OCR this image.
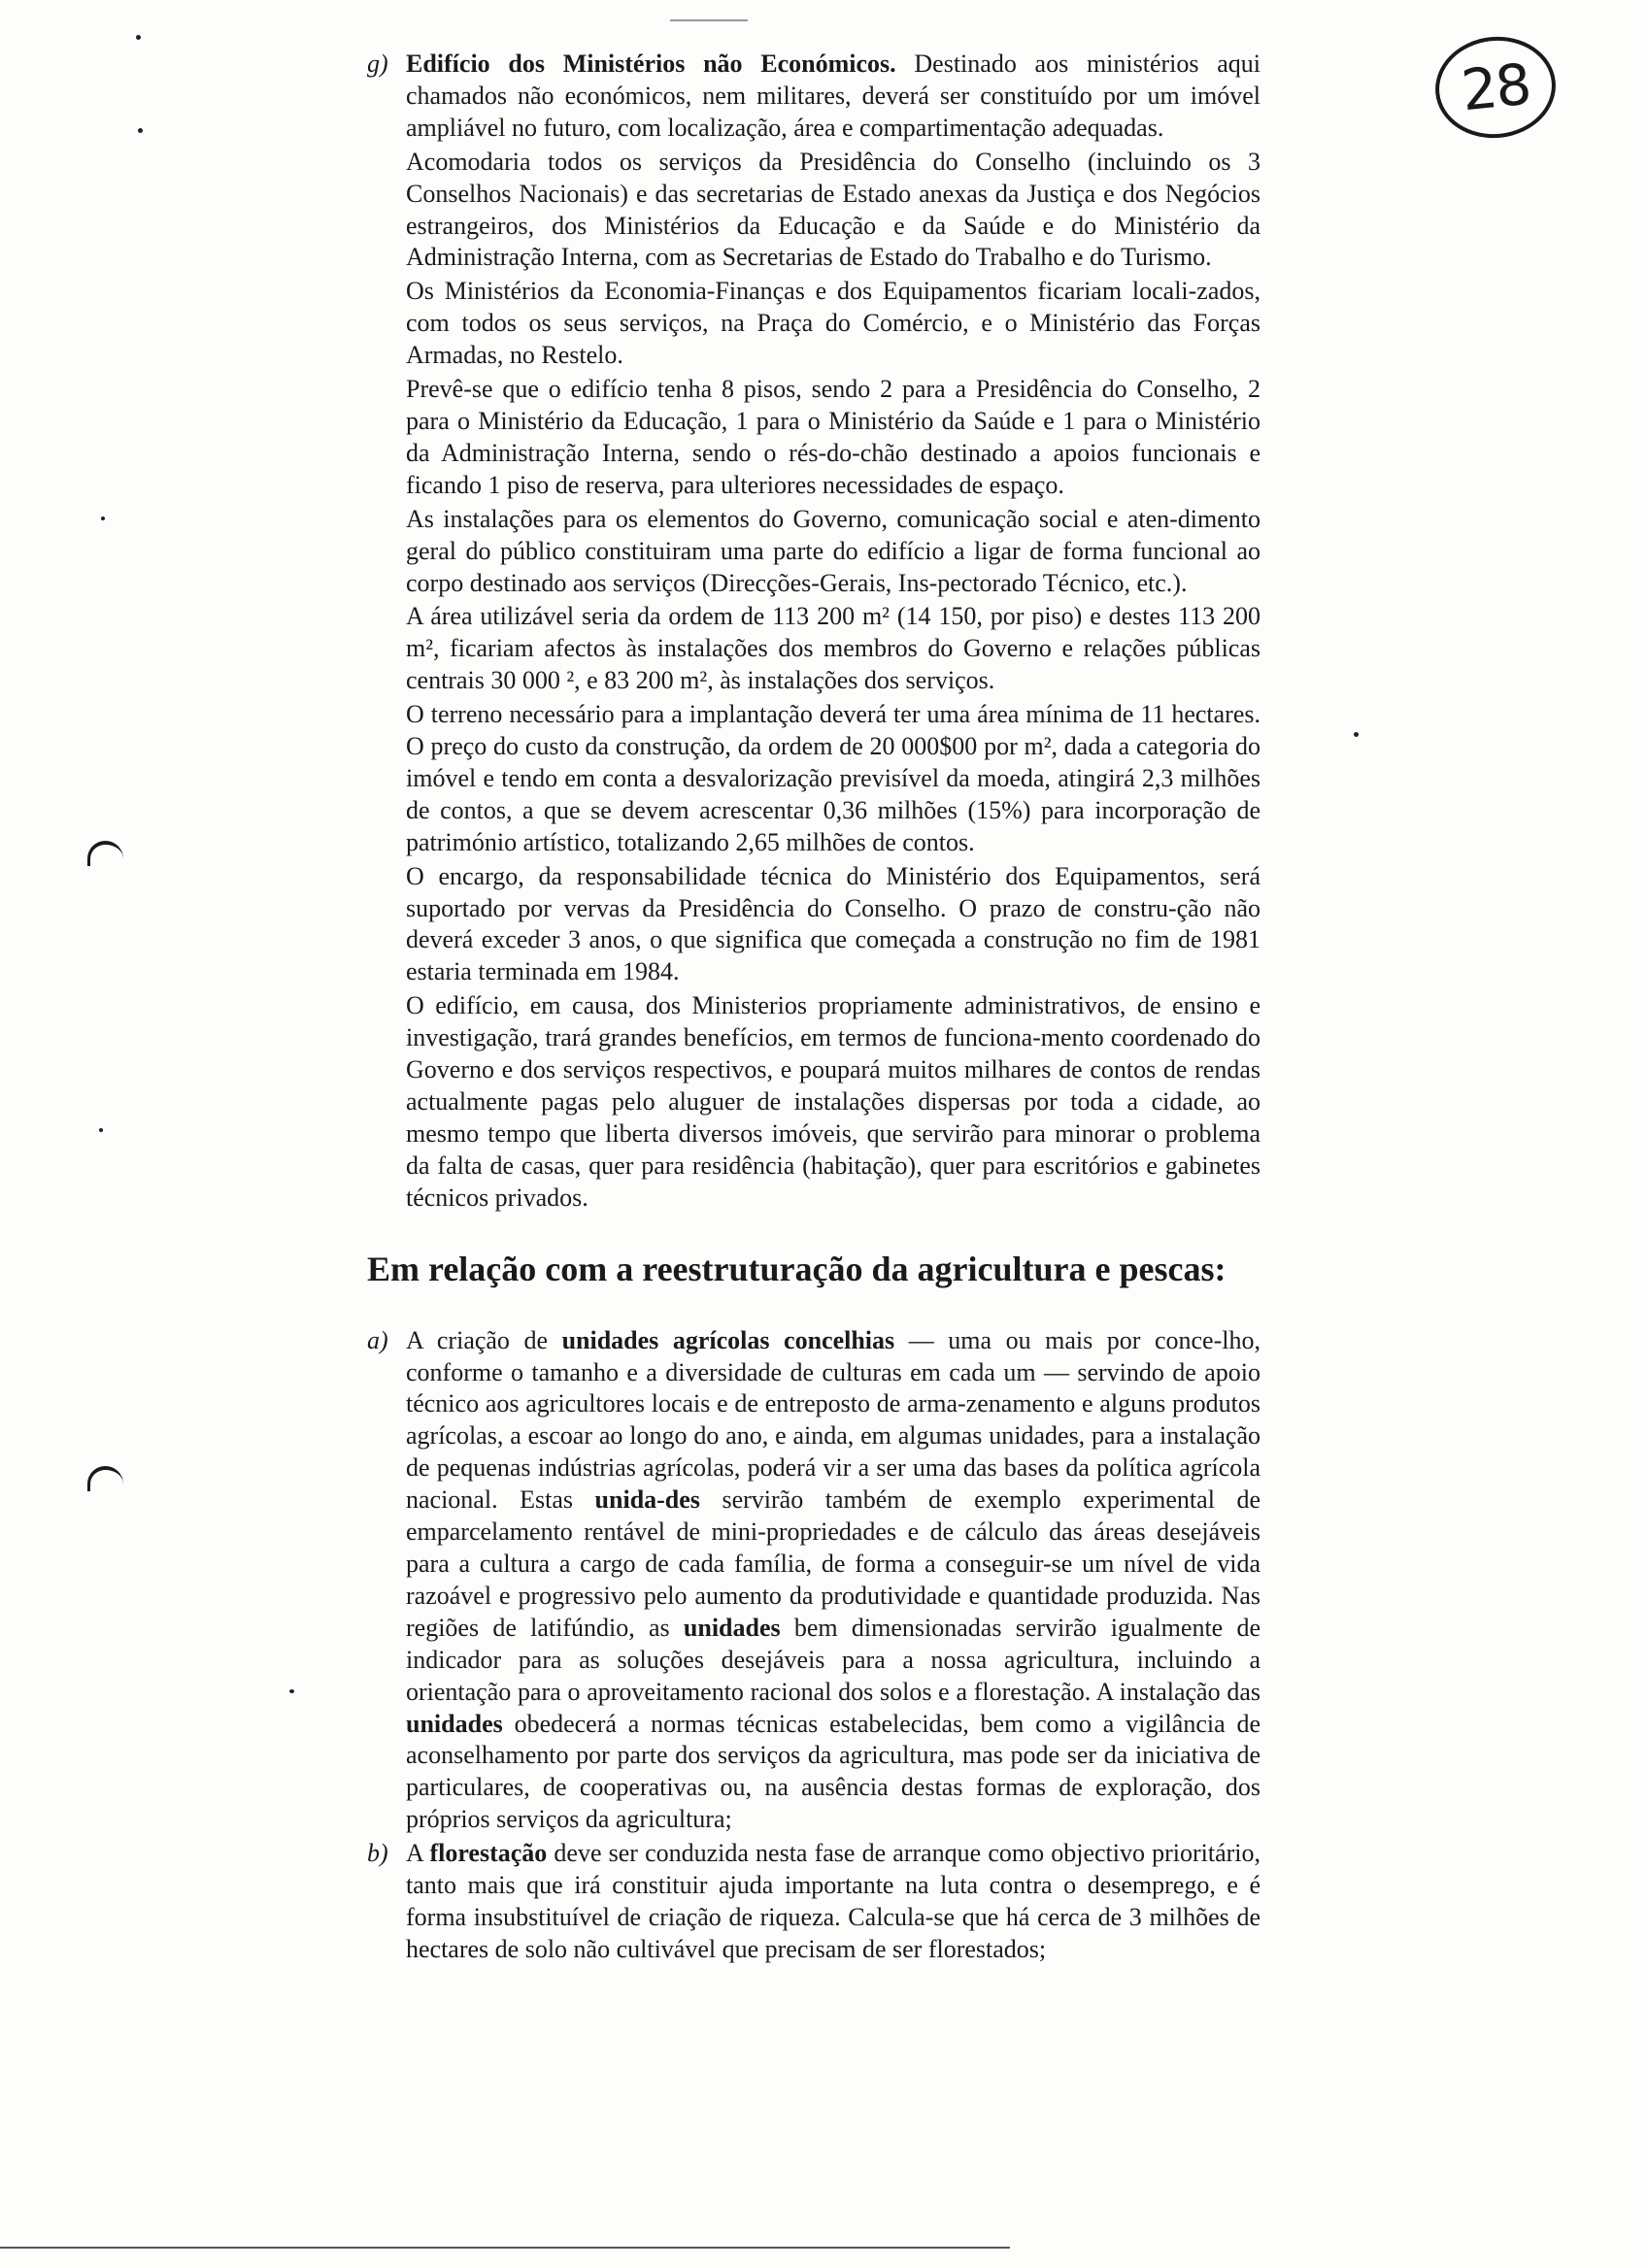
28
g) Edifício dos Ministérios não Económicos. Destinado aos ministérios aqui chamados não económicos, nem militares, deverá ser constituído por um imóvel ampliável no futuro, com localização, área e compartimentação adequadas.

Acomodaria todos os serviços da Presidência do Conselho (incluindo os 3 Conselhos Nacionais) e das secretarias de Estado anexas da Justiça e dos Negócios estrangeiros, dos Ministérios da Educação e da Saúde e do Ministério da Administração Interna, com as Secretarias de Estado do Trabalho e do Turismo.

Os Ministérios da Economia-Finanças e dos Equipamentos ficariam locali-zados, com todos os seus serviços, na Praça do Comércio, e o Ministério das Forças Armadas, no Restelo.

Prevê-se que o edifício tenha 8 pisos, sendo 2 para a Presidência do Conselho, 2 para o Ministério da Educação, 1 para o Ministério da Saúde e 1 para o Ministério da Administração Interna, sendo o rés-do-chão destinado a apoios funcionais e ficando 1 piso de reserva, para ulteriores necessidades de espaço.

As instalações para os elementos do Governo, comunicação social e aten-dimento geral do público constituiram uma parte do edifício a ligar de forma funcional ao corpo destinado aos serviços (Direcções-Gerais, Ins-pectorado Técnico, etc.).

A área utilizável seria da ordem de 113 200 m² (14 150, por piso) e destes 113 200 m², ficariam afectos às instalações dos membros do Governo e relações públicas centrais 30 000 ², e 83 200 m², às instalações dos serviços.

O terreno necessário para a implantação deverá ter uma área mínima de 11 hectares. O preço do custo da construção, da ordem de 20 000$00 por m², dada a categoria do imóvel e tendo em conta a desvalorização previsível da moeda, atingirá 2,3 milhões de contos, a que se devem acrescentar 0,36 milhões (15%) para incorporação de património artístico, totalizando 2,65 milhões de contos.

O encargo, da responsabilidade técnica do Ministério dos Equipamentos, será suportado por vervas da Presidência do Conselho. O prazo de constru-ção não deverá exceder 3 anos, o que significa que começada a construção no fim de 1981 estaria terminada em 1984.

O edifício, em causa, dos Ministerios propriamente administrativos, de ensino e investigação, trará grandes benefícios, em termos de funciona-mento coordenado do Governo e dos serviços respectivos, e poupará muitos milhares de contos de rendas actualmente pagas pelo aluguer de instalações dispersas por toda a cidade, ao mesmo tempo que liberta diversos imóveis, que servirão para minorar o problema da falta de casas, quer para residência (habitação), quer para escritórios e gabinetes técnicos privados.

Em relação com a reestruturação da agricultura e pescas:
a) A criação de unidades agrícolas concelhias — uma ou mais por conce-lho, conforme o tamanho e a diversidade de culturas em cada um — servindo de apoio técnico aos agricultores locais e de entreposto de arma-zenamento e alguns produtos agrícolas, a escoar ao longo do ano, e ainda, em algumas unidades, para a instalação de pequenas indústrias agrícolas, poderá vir a ser uma das bases da política agrícola nacional. Estas unida-des servirão também de exemplo experimental de emparcelamento rentável de mini-propriedades e de cálculo das áreas desejáveis para a cultura a cargo de cada família, de forma a conseguir-se um nível de vida razoável e progressivo pelo aumento da produtividade e quantidade produzida. Nas regiões de latifúndio, as unidades bem dimensionadas servirão igualmente de indicador para as soluções desejáveis para a nossa agricultura, incluindo a orientação para o aproveitamento racional dos solos e a florestação. A instalação das unidades obedecerá a normas técnicas estabelecidas, bem como a vigilância de aconselhamento por parte dos serviços da agricultura, mas pode ser da iniciativa de particulares, de cooperativas ou, na ausência destas formas de exploração, dos próprios serviços da agricultura;
b) A florestação deve ser conduzida nesta fase de arranque como objectivo prioritário, tanto mais que irá constituir ajuda importante na luta contra o desemprego, e é forma insubstituível de criação de riqueza. Calcula-se que há cerca de 3 milhões de hectares de solo não cultivável que precisam de ser florestados;
